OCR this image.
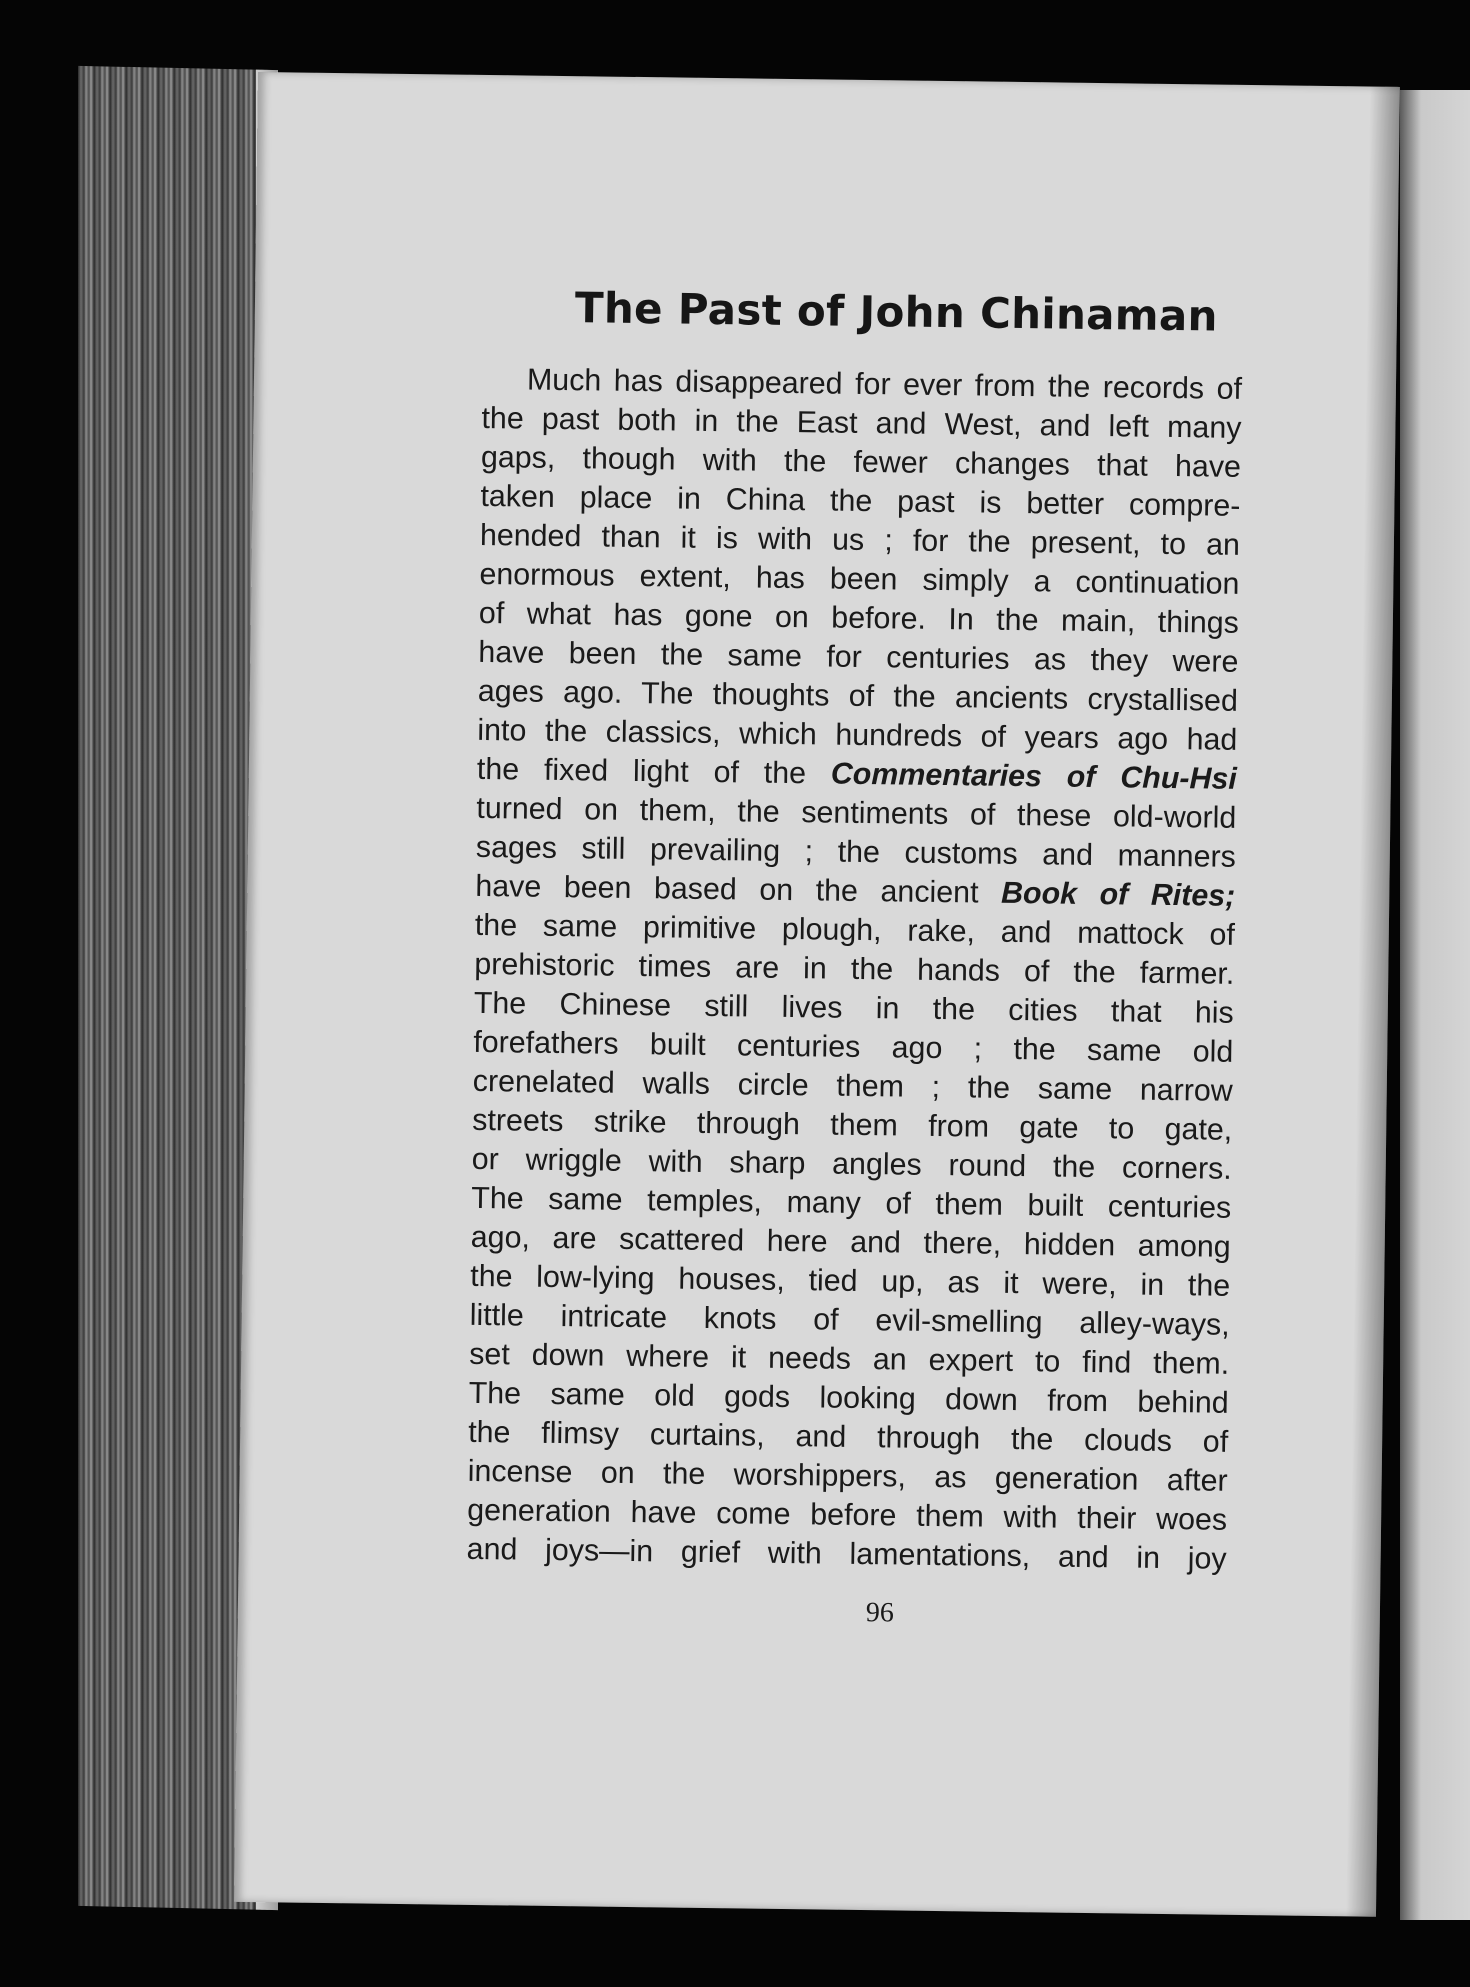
The Past of John Chinaman
Much has disappeared for ever from the records of
the past both in the East and West, and left many
gaps, though with the fewer changes that have
taken place in China the past is better compre-
hended than it is with us ; for the present, to an
enormous extent, has been simply a continuation
of what has gone on before. In the main, things
have been the same for centuries as they were
ages ago. The thoughts of the ancients crystallised
into the classics, which hundreds of years ago had
the fixed light of the Commentaries of Chu-Hsi
turned on them, the sentiments of these old-world
sages still prevailing ; the customs and manners
have been based on the ancient Book of Rites;
the same primitive plough, rake, and mattock of
prehistoric times are in the hands of the farmer.
The Chinese still lives in the cities that his
forefathers built centuries ago ; the same old
crenelated walls circle them ; the same narrow
streets strike through them from gate to gate,
or wriggle with sharp angles round the corners.
The same temples, many of them built centuries
ago, are scattered here and there, hidden among
the low-lying houses, tied up, as it were, in the
little intricate knots of evil-smelling alley-ways,
set down where it needs an expert to find them.
The same old gods looking down from behind
the flimsy curtains, and through the clouds of
incense on the worshippers, as generation after
generation have come before them with their woes
and joys—in grief with lamentations, and in joy
96
